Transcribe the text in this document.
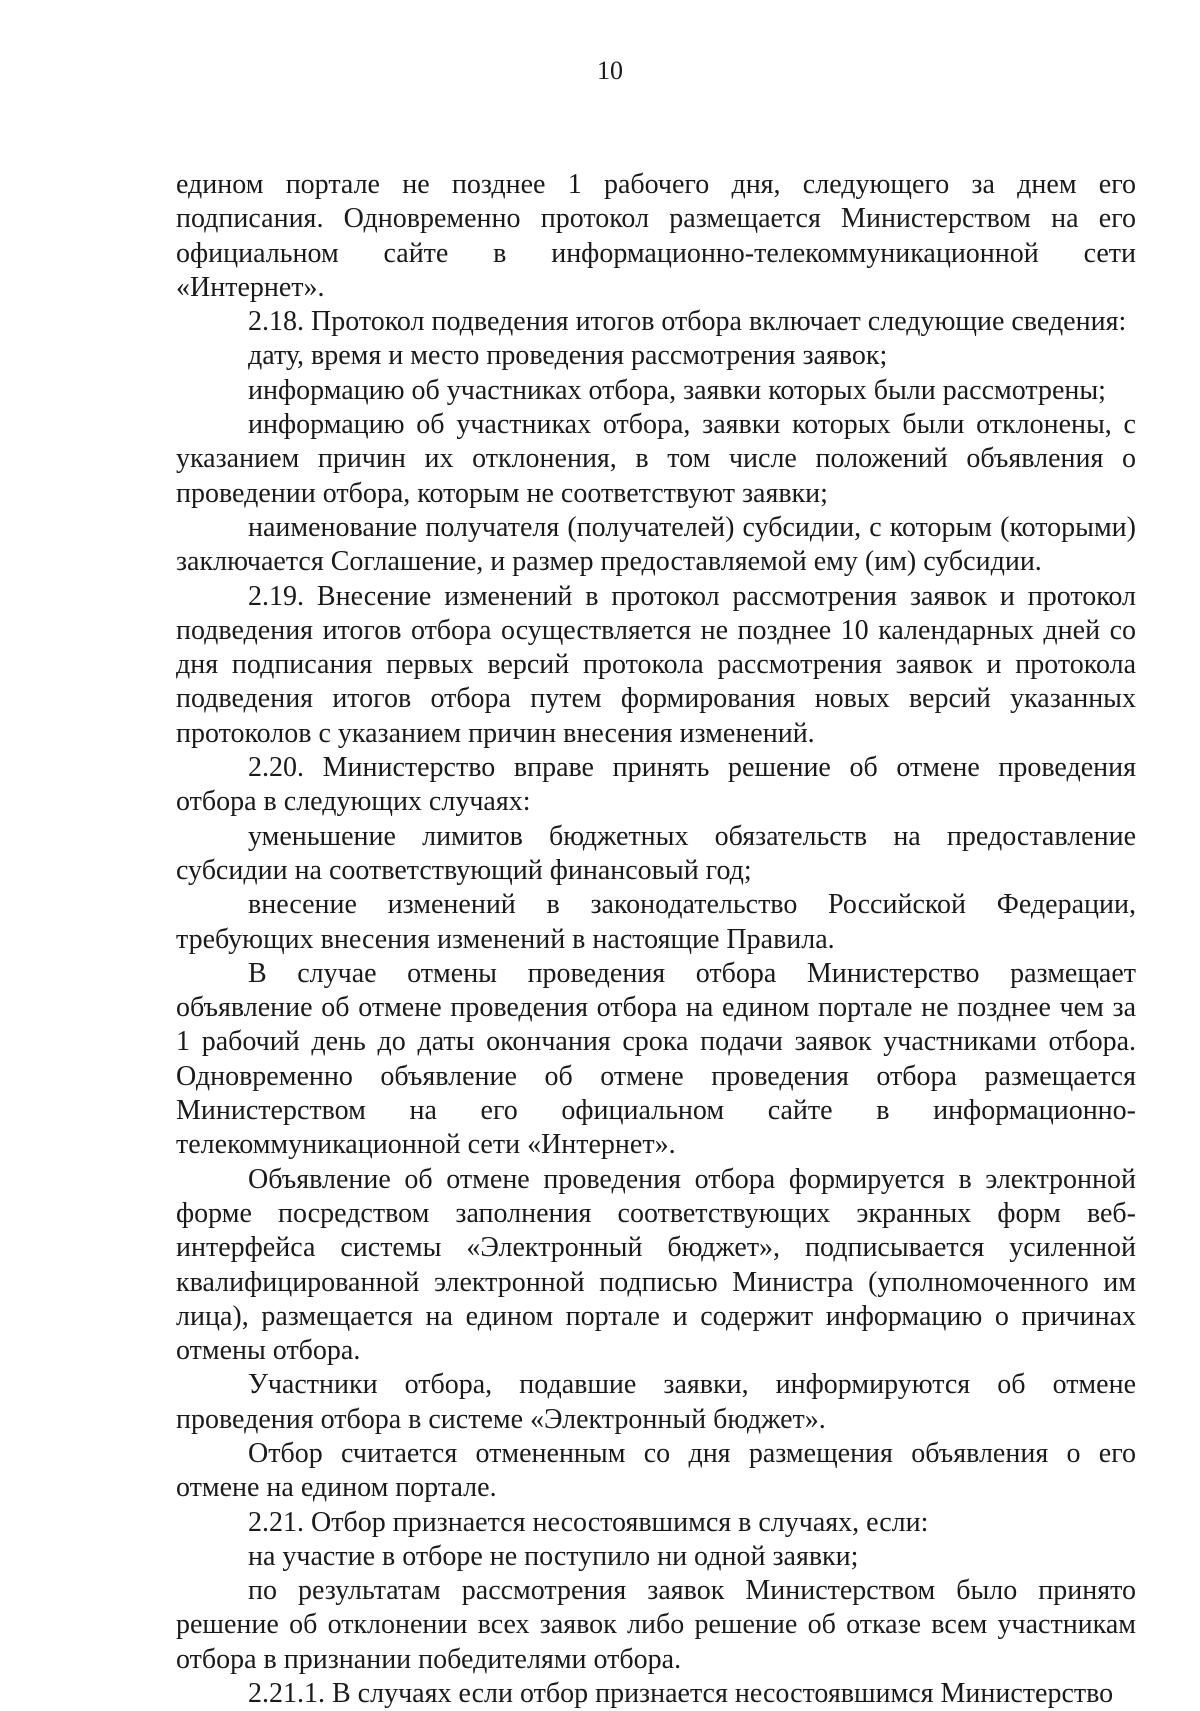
10

едином портале не позднее 1 рабочего дня, следующего за днем его подписания. Одновременно протокол размещается Министерством на его официальном сайте в информационно-телекоммуникационной сети «Интернет».

2.18. Протокол подведения итогов отбора включает следующие сведения:

дату, время и место проведения рассмотрения заявок;

информацию об участниках отбора, заявки которых были рассмотрены;

информацию об участниках отбора, заявки которых были отклонены, с указанием причин их отклонения, в том числе положений объявления о проведении отбора, которым не соответствуют заявки;

наименование получателя (получателей) субсидии, с которым (которыми) заключается Соглашение, и размер предоставляемой ему (им) субсидии.

2.19. Внесение изменений в протокол рассмотрения заявок и протокол подведения итогов отбора осуществляется не позднее 10 календарных дней со дня подписания первых версий протокола рассмотрения заявок и протокола подведения итогов отбора путем формирования новых версий указанных протоколов с указанием причин внесения изменений.

2.20. Министерство вправе принять решение об отмене проведения отбора в следующих случаях:

уменьшение лимитов бюджетных обязательств на предоставление субсидии на соответствующий финансовый год;

внесение изменений в законодательство Российской Федерации, требующих внесения изменений в настоящие Правила.

В случае отмены проведения отбора Министерство размещает объявление об отмене проведения отбора на едином портале не позднее чем за 1 рабочий день до даты окончания срока подачи заявок участниками отбора. Одновременно объявление об отмене проведения отбора размещается Министерством на его официальном сайте в информационно-телекоммуникационной сети «Интернет».

Объявление об отмене проведения отбора формируется в электронной форме посредством заполнения соответствующих экранных форм веб-интерфейса системы «Электронный бюджет», подписывается усиленной квалифицированной электронной подписью Министра (уполномоченного им лица), размещается на едином портале и содержит информацию о причинах отмены отбора.

Участники отбора, подавшие заявки, информируются об отмене проведения отбора в системе «Электронный бюджет».

Отбор считается отмененным со дня размещения объявления о его отмене на едином портале.

2.21. Отбор признается несостоявшимся в случаях, если:

на участие в отборе не поступило ни одной заявки;

по результатам рассмотрения заявок Министерством было принято решение об отклонении всех заявок либо решение об отказе всем участникам отбора в признании победителями отбора.

2.21.1. В случаях если отбор признается несостоявшимся Министерство
